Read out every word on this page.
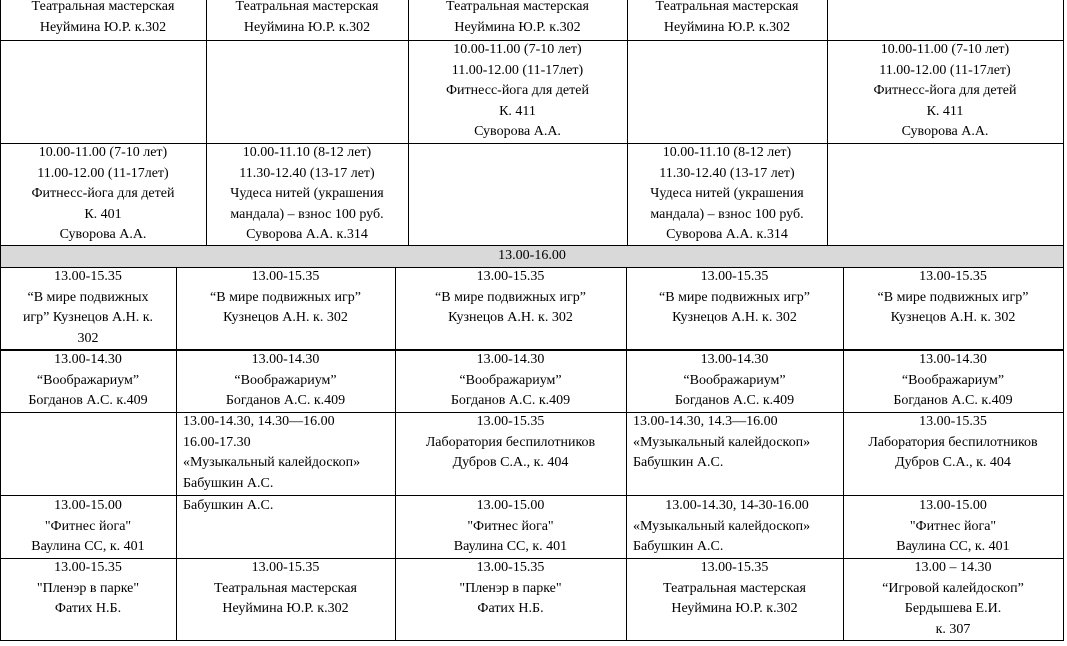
Театральная мастерская
Неуймина Ю.Р. к.302
Театральная мастерская
Неуймина Ю.Р. к.302
Театральная мастерская
Неуймина Ю.Р. к.302
Театральная мастерская
Неуймина Ю.Р. к.302
10.00-11.00 (7-10 лет)
11.00-12.00 (11-17лет)
Фитнесс-йога для детей
К. 411
Суворова А.А.
10.00-11.00 (7-10 лет)
11.00-12.00 (11-17лет)
Фитнесс-йога для детей
К. 411
Суворова А.А.
10.00-11.00 (7-10 лет)
11.00-12.00 (11-17лет)
Фитнесс-йога для детей
К. 401
Суворова А.А.
10.00-11.10 (8-12 лет)
11.30-12.40 (13-17 лет)
Чудеса нитей (украшения
мандала) – взнос 100 руб.
Суворова А.А. к.314
10.00-11.10 (8-12 лет)
11.30-12.40 (13-17 лет)
Чудеса нитей (украшения
мандала) – взнос 100 руб.
Суворова А.А. к.314
13.00-16.00
13.00-15.35
“В мире подвижных
игр” Кузнецов А.Н. к.
302
13.00-15.35
“В мире подвижных игр”
Кузнецов А.Н. к. 302
13.00-15.35
“В мире подвижных игр”
Кузнецов А.Н. к. 302
13.00-15.35
“В мире подвижных игр”
Кузнецов А.Н. к. 302
13.00-15.35
“В мире подвижных игр”
Кузнецов А.Н. к. 302
13.00-14.30
“Воображариум”
Богданов А.С. к.409
13.00-14.30
“Воображариум”
Богданов А.С. к.409
13.00-14.30
“Воображариум”
Богданов А.С. к.409
13.00-14.30
“Воображариум”
Богданов А.С. к.409
13.00-14.30
“Воображариум”
Богданов А.С. к.409
13.00-14.30, 14.30—16.00
16.00-17.30
«Музыкальный калейдоскоп»
Бабушкин А.С.
13.00-15.35
Лаборатория беспилотников
Дубров С.А., к. 404
13.00-14.30, 14.3—16.00
«Музыкальный калейдоскоп»
Бабушкин А.С.
13.00-15.35
Лаборатория беспилотников
Дубров С.А., к. 404
13.00-15.00
"Фитнес йога"
Ваулина СС, к. 401
Бабушкин А.С.	13.00-15.00
"Фитнес йога"
Ваулина СС, к. 401
13.00-14.30, 14-30-16.00
«Музыкальный калейдоскоп»
Бабушкин А.С.
13.00-15.00
"Фитнес йога"
Ваулина СС, к. 401
13.00-15.35
"Пленэр в парке"
Фатих Н.Б.
13.00-15.35
Театральная мастерская
Неуймина Ю.Р. к.302
13.00-15.35
"Пленэр в парке"
Фатих Н.Б.
13.00-15.35
Театральная мастерская
Неуймина Ю.Р. к.302
13.00 – 14.30
“Игровой калейдоскоп”
Бердышева Е.И.
к. 307
